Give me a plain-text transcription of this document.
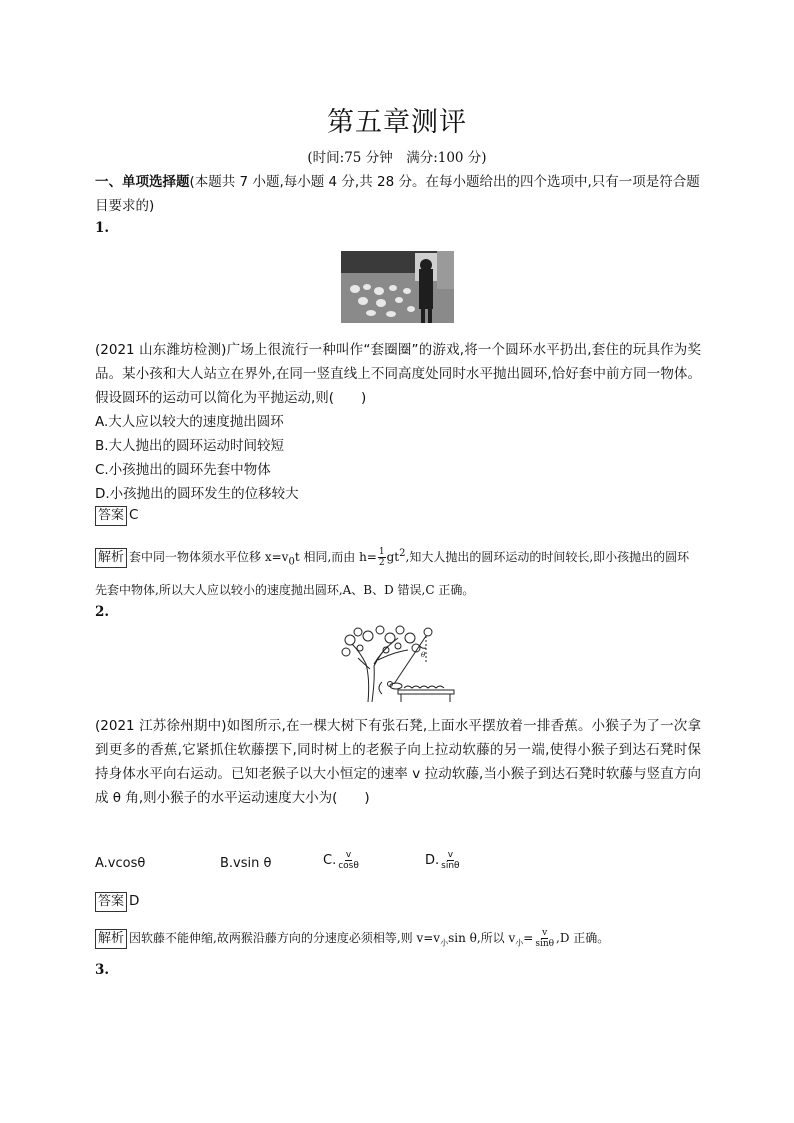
第五章测评
(时间:75 分钟　满分:100 分)
一、单项选择题(本题共 7 小题,每小题 4 分,共 28 分。在每小题给出的四个选项中,只有一项是符合题目要求的)
1.
(2021 山东潍坊检测)广场上很流行一种叫作“套圈圈”的游戏,将一个圆环水平扔出,套住的玩具作为奖品。某小孩和大人站立在界外,在同一竖直线上不同高度处同时水平抛出圆环,恰好套中前方同一物体。假设圆环的运动可以简化为平抛运动,则(　　)
A.大人应以较大的速度抛出圆环
B.大人抛出的圆环运动时间较短
C.小孩抛出的圆环先套中物体
D.小孩抛出的圆环发生的位移较大
答案 C
解析 套中同一物体须水平位移 $x=v_0t$ 相同,而由 $h= \frac{1}{2} gt^2$,知大人抛出的圆环运动的时间较长,即小孩抛出的圆环先套中物体,所以大人应以较小的速度抛出圆环,A、B、D 错误,C 正确。
2.
θ
(2021 江苏徐州期中)如图所示,在一棵大树下有张石凳,上面水平摆放着一排香蕉。小猴子为了一次拿到更多的香蕉,它紧抓住软藤摆下,同时树上的老猴子向上拉动软藤的另一端,使得小猴子到达石凳时保持身体水平向右运动。已知老猴子以大小恒定的速率 v 拉动软藤,当小猴子到达石凳时软藤与竖直方向成 θ 角,则小猴子的水平运动速度大小为(　　)
A.vcosθ	B.vsin θ	C. $\frac{v}{\cos\theta}$	D. $\frac{v}{\sin\theta}$
答案 D
解析 因软藤不能伸缩,故两猴沿藤方向的分速度必须相等,则 $v=v_小\sin$ θ,所以 $v_小= \frac{v}{\sin\theta} ,D$ 正确。
3.
